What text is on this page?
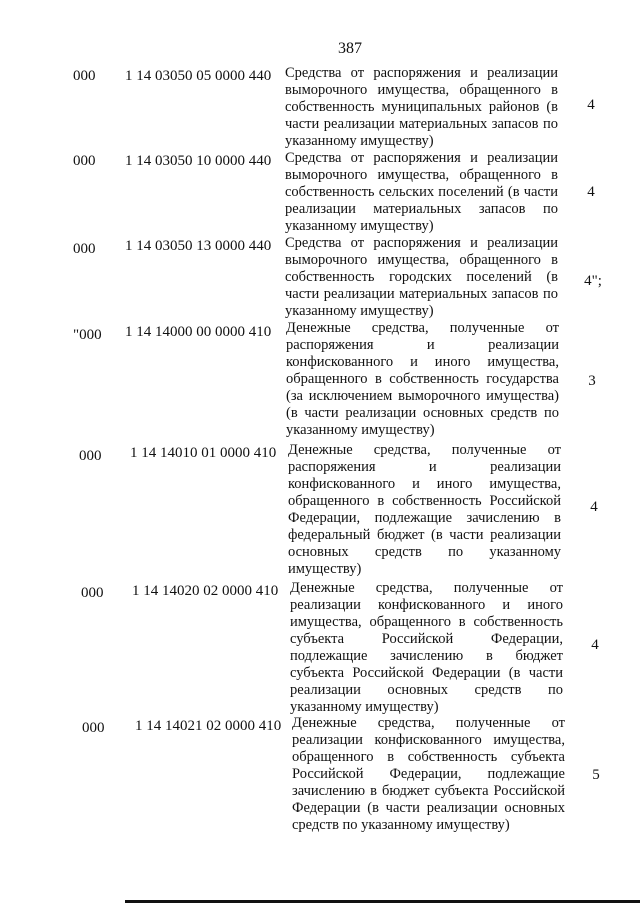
387
000 1 14 03050 05 0000 440 Средства от распоряжения и реализации выморочного имущества, обращенного в собственность муниципальных районов (в части реализации материальных запасов по указанному имуществу)
4
000 1 14 03050 10 0000 440 Средства от распоряжения и реализации выморочного имущества, обращенного в собственность сельских поселений (в части реализации материальных запасов по указанному имуществу)
4
000 1 14 03050 13 0000 440 Средства от распоряжения и реализации выморочного имущества, обращенного в собственность городских поселений (в части реализации материальных запасов по указанному имуществу)
4";
"000 1 14 14000 00 0000 410 Денежные средства, полученные от распоряжения и реализации конфискованного и иного имущества, обращенного в собственность государства (за исключением выморочного имущества) (в части реализации основных средств по указанному имуществу)
3
000 1 14 14010 01 0000 410 Денежные средства, полученные от распоряжения и реализации конфискованного и иного имущества, обращенного в собственность Российской Федерации, подлежащие зачислению в федеральный бюджет (в части реализации основных средств по указанному имуществу)
4
000 1 14 14020 02 0000 410 Денежные средства, полученные от реализации конфискованного и иного имущества, обращенного в собственность субъекта Российской Федерации, подлежащие зачислению в бюджет субъекта Российской Федерации (в части реализации основных средств по указанному имуществу)
4
000 1 14 14021 02 0000 410 Денежные средства, полученные от реализации конфискованного имущества, обращенного в собственность субъекта Российской Федерации, подлежащие зачислению в бюджет субъекта Российской Федерации (в части реализации основных средств по указанному имуществу)
5
